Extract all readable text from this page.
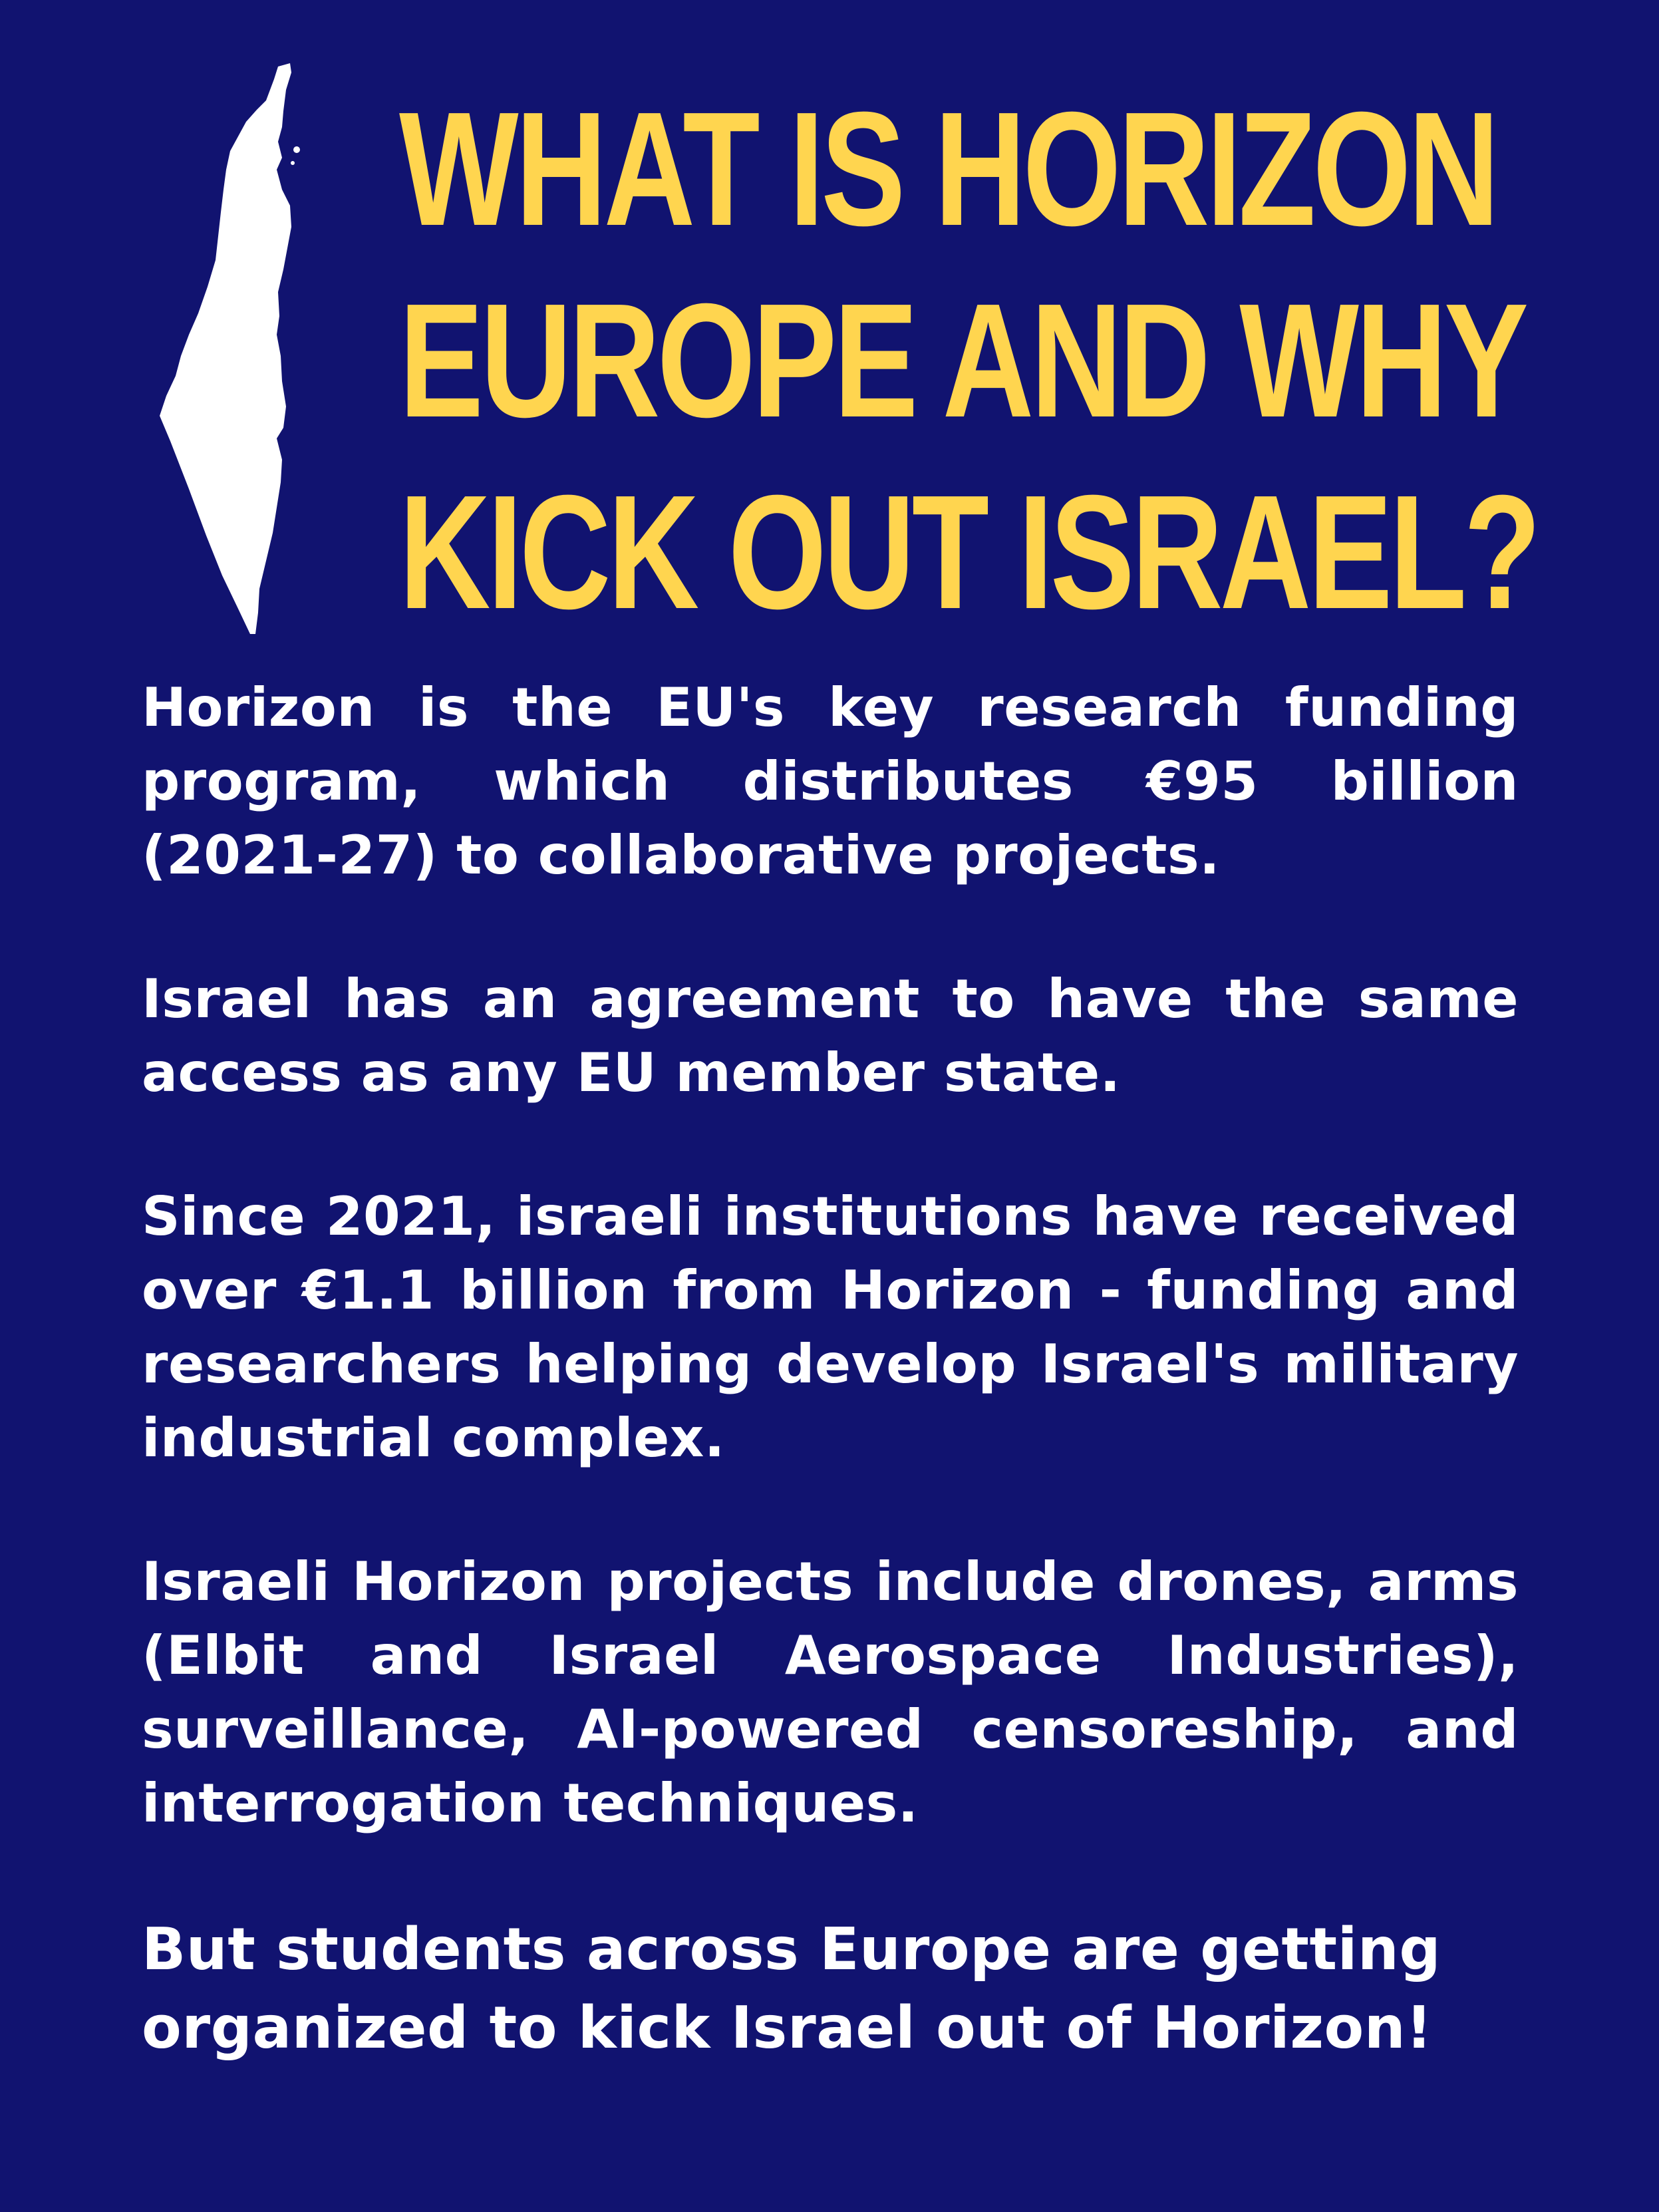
WHAT IS HORIZON
EUROPE AND WHY
KICK OUT ISRAEL?

Horizon is the EU's key research funding program, which distributes €95 billion (2021-27) to collaborative projects.

Israel has an agreement to have the same access as any EU member state.

Since 2021, israeli institutions have received over €1.1 billion from Horizon - funding and researchers helping develop Israel's military industrial complex.

Israeli Horizon projects include drones, arms (Elbit and Israel Aerospace Industries), surveillance, AI-powered censoreship, and interrogation techniques.

But students across Europe are getting organized to kick Israel out of Horizon!
